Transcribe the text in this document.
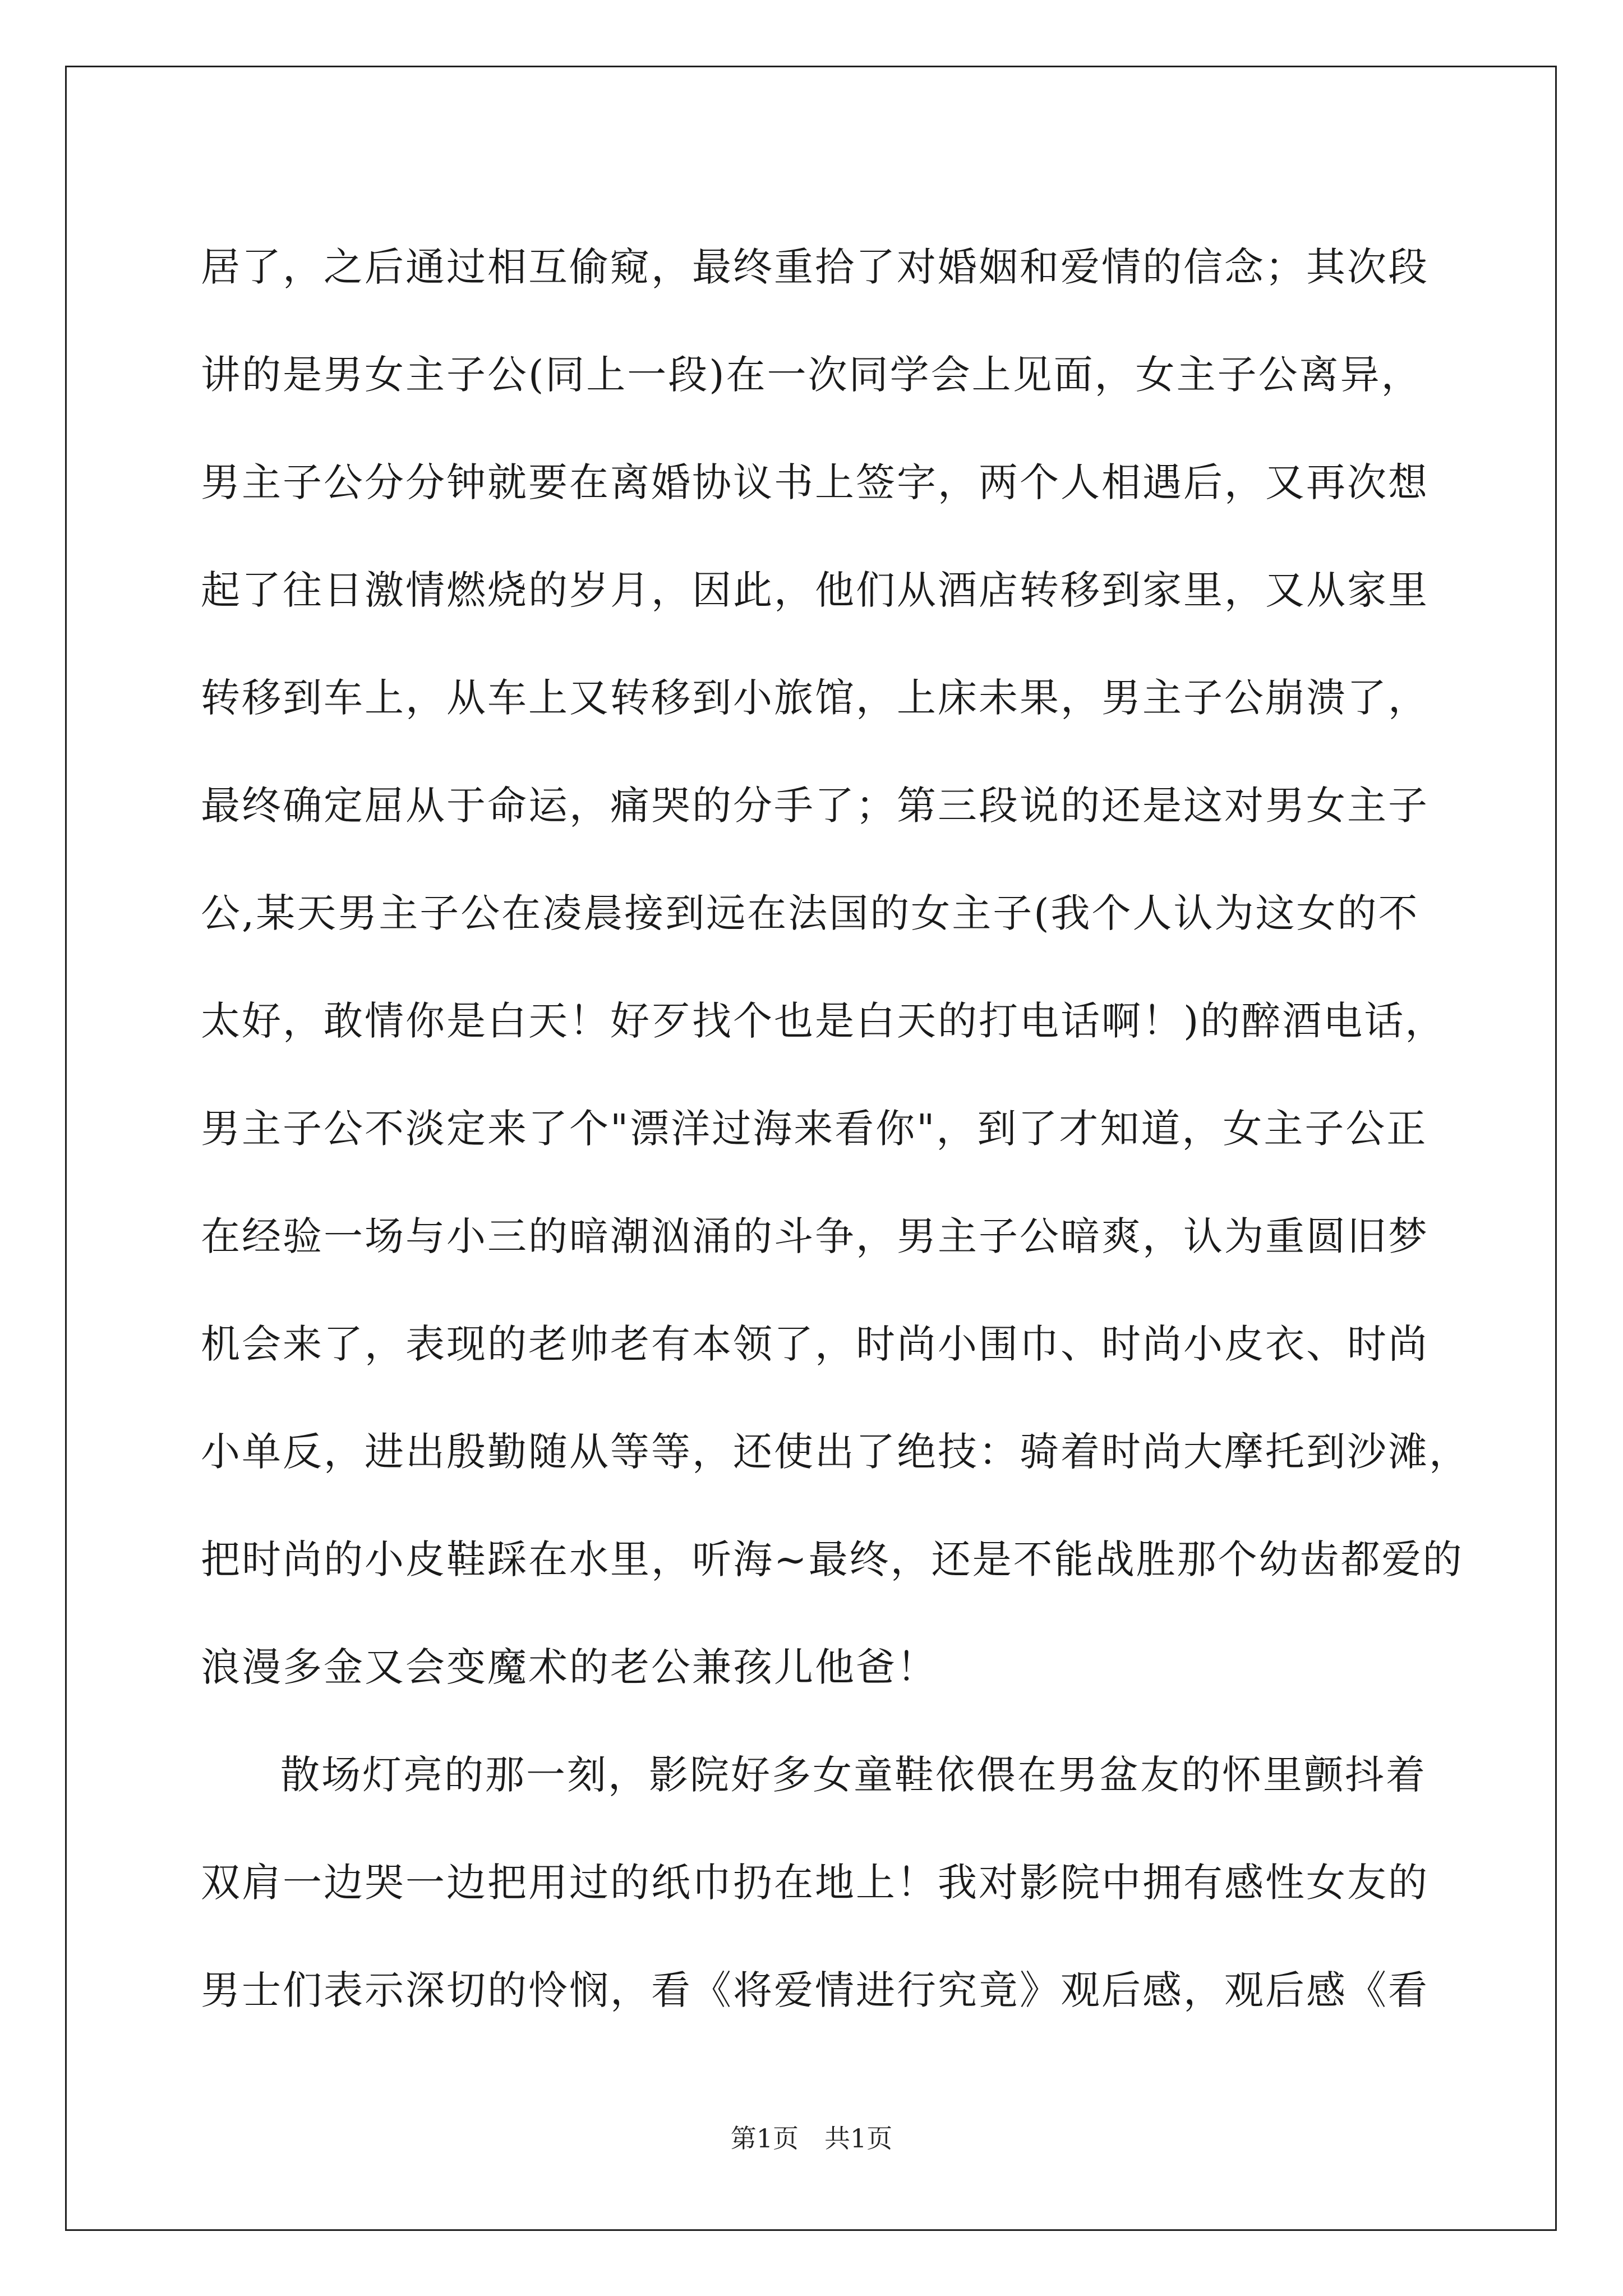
居了，之后通过相互偷窥，最终重拾了对婚姻和爱情的信念；其次段
讲的是男女主子公(同上一段)在一次同学会上见面，女主子公离异，
男主子公分分钟就要在离婚协议书上签字，两个人相遇后，又再次想
起了往日激情燃烧的岁月，因此，他们从酒店转移到家里，又从家里
转移到车上，从车上又转移到小旅馆，上床未果，男主子公崩溃了，
最终确定屈从于命运，痛哭的分手了；第三段说的还是这对男女主子
公,某天男主子公在凌晨接到远在法国的女主子(我个人认为这女的不
太好，敢情你是白天！好歹找个也是白天的打电话啊！)的醉酒电话，
男主子公不淡定来了个"漂洋过海来看你"，到了才知道，女主子公正
在经验一场与小三的暗潮汹涌的斗争，男主子公暗爽，认为重圆旧梦
机会来了，表现的老帅老有本领了，时尚小围巾、时尚小皮衣、时尚
小单反，进出殷勤随从等等，还使出了绝技：骑着时尚大摩托到沙滩，
把时尚的小皮鞋踩在水里，听海~最终，还是不能战胜那个幼齿都爱的
浪漫多金又会变魔术的老公兼孩儿他爸！
散场灯亮的那一刻，影院好多女童鞋依偎在男盆友的怀里颤抖着
双肩一边哭一边把用过的纸巾扔在地上！我对影院中拥有感性女友的
男士们表示深切的怜悯，看《将爱情进行究竟》观后感，观后感《看
第1页 共1页
